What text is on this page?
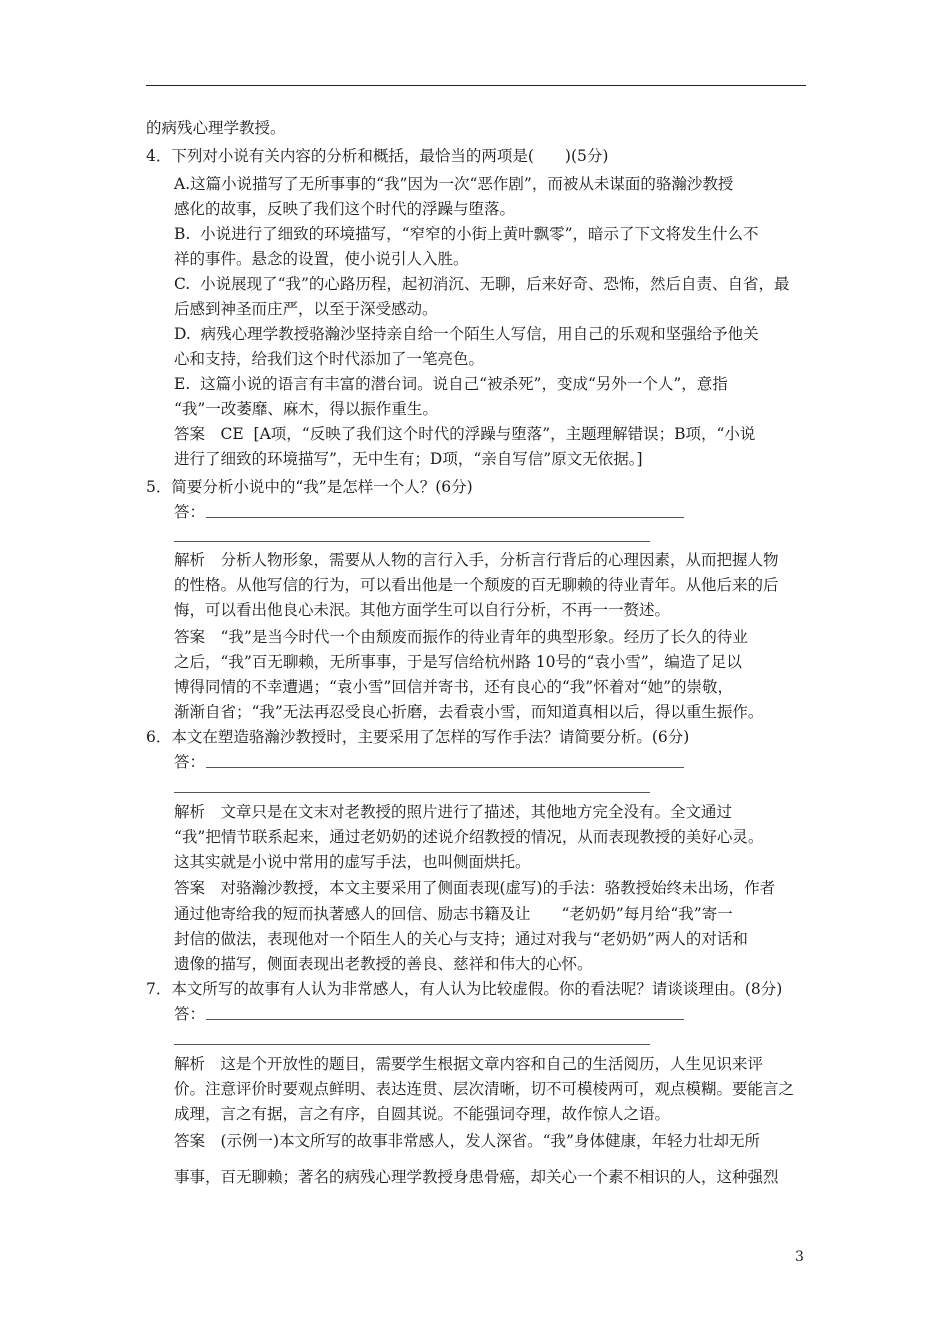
的病残心理学教授。
4．下列对小说有关内容的分析和概括，最恰当的两项是(　　)(5分)
A.这篇小说描写了无所事事的“我”因为一次“恶作剧”，而被从未谋面的骆瀚沙教授
感化的故事，反映了我们这个时代的浮躁与堕落。
B.  小说进行了细致的环境描写，“窄窄的小街上黄叶飘零”，暗示了下文将发生什么不
祥的事件。悬念的设置，使小说引人入胜。
C.  小说展现了“我”的心路历程，起初消沉、无聊，后来好奇、恐怖，然后自责、自省，最
后感到神圣而庄严，以至于深受感动。
D.  病残心理学教授骆瀚沙坚持亲自给一个陌生人写信，用自己的乐观和坚强给予他关
心和支持，给我们这个时代添加了一笔亮色。
E.  这篇小说的语言有丰富的潜台词。说自己“被杀死”，变成“另外一个人”，意指
“我”一改萎靡、麻木，得以振作重生。
答案　CE  [A项，“反映了我们这个时代的浮躁与堕落”，主题理解错误；B项，“小说
进行了细致的环境描写”，无中生有；D项，“亲自写信”原文无依据。]
5．简要分析小说中的“我”是怎样一个人？(6分)
答：
解析　分析人物形象，需要从人物的言行入手，分析言行背后的心理因素，从而把握人物
的性格。从他写信的行为，可以看出他是一个颓废的百无聊赖的待业青年。从他后来的后
悔，可以看出他良心未泯。其他方面学生可以自行分析，不再一一赘述。
答案　“我”是当今时代一个由颓废而振作的待业青年的典型形象。经历了长久的待业
之后，“我”百无聊赖，无所事事，于是写信给杭州路 10号的“袁小雪”，编造了足以
博得同情的不幸遭遇；“袁小雪”回信并寄书，还有良心的“我”怀着对“她”的崇敬，
渐渐自省；“我”无法再忍受良心折磨，去看袁小雪，而知道真相以后，得以重生振作。
6．本文在塑造骆瀚沙教授时，主要采用了怎样的写作手法？请简要分析。(6分)
答：
解析　文章只是在文末对老教授的照片进行了描述，其他地方完全没有。全文通过
“我”把情节联系起来，通过老奶奶的述说介绍教授的情况，从而表现教授的美好心灵。
这其实就是小说中常用的虚写手法，也叫侧面烘托。
答案　对骆瀚沙教授，本文主要采用了侧面表现(虚写)的手法：骆教授始终未出场，作者
通过他寄给我的短而执著感人的回信、励志书籍及让　　“老奶奶”每月给“我”寄一
封信的做法，表现他对一个陌生人的关心与支持；通过对我与“老奶奶”两人的对话和
遗像的描写，侧面表现出老教授的善良、慈祥和伟大的心怀。
7．本文所写的故事有人认为非常感人，有人认为比较虚假。你的看法呢？请谈谈理由。(8分)
答：
解析　这是个开放性的题目，需要学生根据文章内容和自己的生活阅历，人生见识来评
价。注意评价时要观点鲜明、表达连贯、层次清晰，切不可模棱两可，观点模糊。要能言之
成理，言之有据，言之有序，自圆其说。不能强词夺理，故作惊人之语。
答案　(示例一)本文所写的故事非常感人，发人深省。“我”身体健康，年轻力壮却无所
事事，百无聊赖；著名的病残心理学教授身患骨癌，却关心一个素不相识的人，这种强烈
3
